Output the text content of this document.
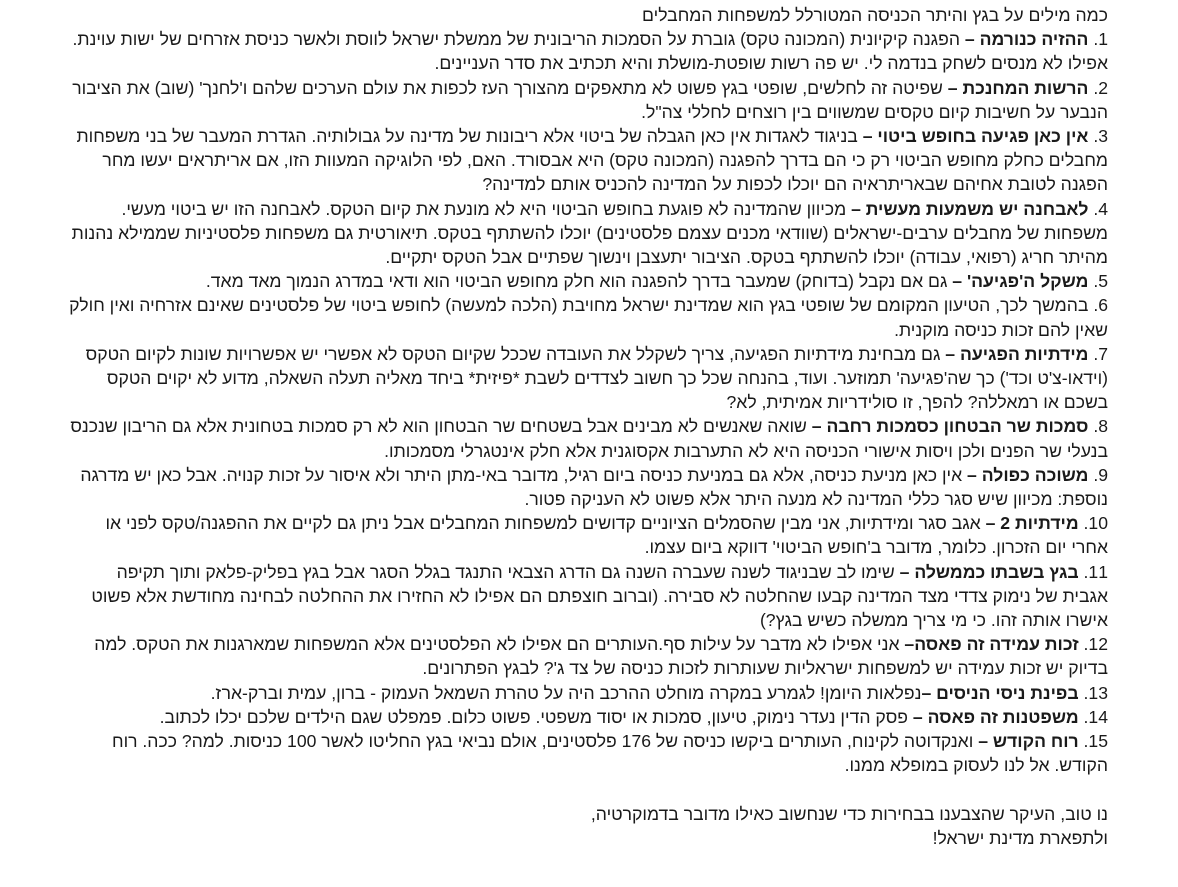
כמה מילים על בגץ והיתר הכניסה המטורלל למשפחות המחבלים

1. ההזיה כנורמה – הפגנה קיקיונית (המכונה טקס) גוברת על הסמכות הריבונית של ממשלת ישראל לווסת ולאשר כניסת אזרחים של ישות עוינת. אפילו לא מנסים לשחק בנדמה לי. יש פה רשות שופטת-מושלת והיא תכתיב את סדר העניינים.

2. הרשות המחנכת – שפיטה זה לחלשים, שופטי בגץ פשוט לא מתאפקים מהצורך העז לכפות את עולם הערכים שלהם ו'לחנך' (שוב) את הציבור הנבער על חשיבות קיום טקסים שמשווים בין רוצחים לחללי צה"ל.

3. אין כאן פגיעה בחופש ביטוי – בניגוד לאגדות אין כאן הגבלה של ביטוי אלא ריבונות של מדינה על גבולותיה. הגדרת המעבר של בני משפחות מחבלים כחלק מחופש הביטוי רק כי הם בדרך להפגנה (המכונה טקס) היא אבסורד. האם, לפי הלוגיקה המעוות הזו, אם אריתראים יעשו מחר הפגנה לטובת אחיהם שבאריתראיה הם יוכלו לכפות על המדינה להכניס אותם למדינה?

4. לאבחנה יש משמעות מעשית – מכיוון שהמדינה לא פוגעת בחופש הביטוי היא לא מונעת את קיום הטקס. לאבחנה הזו יש ביטוי מעשי. משפחות של מחבלים ערבים-ישראלים (שוודאי מכנים עצמם פלסטינים) יוכלו להשתתף בטקס. תיאורטית גם משפחות פלסטיניות שממילא נהנות מהיתר חריג (רפואי, עבודה) יוכלו להשתתף בטקס. הציבור יתעצבן וינשוך שפתיים אבל הטקס יתקיים.

5. משקל ה'פגיעה' – גם אם נקבל (בדוחק) שמעבר בדרך להפגנה הוא חלק מחופש הביטוי הוא ודאי במדרג הנמוך מאד מאד.

6. בהמשך לכך, הטיעון המקומם של שופטי בגץ הוא שמדינת ישראל מחויבת (הלכה למעשה) לחופש ביטוי של פלסטינים שאינם אזרחיה ואין חולק שאין להם זכות כניסה מוקנית.

7. מידתיות הפגיעה – גם מבחינת מידתיות הפגיעה, צריך לשקלל את העובדה שככל שקיום הטקס לא אפשרי יש אפשרויות שונות לקיום הטקס (וידאו-צ'ט וכד') כך שה'פגיעה' תמוזער. ועוד, בהנחה שכל כך חשוב לצדדים לשבת *פיזית* ביחד מאליה תעלה השאלה, מדוע לא יקוים הטקס בשכם או רמאללה? להפך, זו סולידריות אמיתית, לא?

8. סמכות שר הבטחון כסמכות רחבה – שואה שאנשים לא מבינים אבל בשטחים שר הבטחון הוא לא רק סמכות בטחונית אלא גם הריבון שנכנס בנעלי שר הפנים ולכן ויסות אישורי הכניסה היא לא התערבות אקסוגנית אלא חלק אינטגרלי מסמכותו.

9. משוכה כפולה – אין כאן מניעת כניסה, אלא גם במניעת כניסה ביום רגיל, מדובר באי-מתן היתר ולא איסור על זכות קנויה. אבל כאן יש מדרגה נוספת: מכיוון שיש סגר כללי המדינה לא מנעה היתר אלא פשוט לא העניקה פטור.

10. מידתיות 2 – אגב סגר ומידתיות, אני מבין שהסמלים הציוניים קדושים למשפחות המחבלים אבל ניתן גם לקיים את ההפגנה/טקס לפני או אחרי יום הזכרון. כלומר, מדובר ב'חופש הביטוי' דווקא ביום עצמו.

11. בגץ בשבתו כממשלה – שימו לב שבניגוד לשנה שעברה השנה גם הדרג הצבאי התנגד בגלל הסגר אבל בגץ בפליק-פלאק ותוך תקיפה אגבית של נימוק צדדי מצד המדינה קבעו שהחלטה לא סבירה. (וברוב חוצפתם הם אפילו לא החזירו את ההחלטה לבחינה מחודשת אלא פשוט אישרו אותה זהו. כי מי צריך ממשלה כשיש בגץ?)

12. זכות עמידה זה פאסה– אני אפילו לא מדבר על עילות סף.העותרים הם אפילו לא הפלסטינים אלא המשפחות שמארגנות את הטקס. למה בדיוק יש זכות עמידה יש למשפחות ישראליות שעותרות לזכות כניסה של צד ג'? לבגץ הפתרונים.

13. בפינת ניסי הניסים –נפלאות היומן! לגמרע במקרה מוחלט ההרכב היה על טהרת השמאל העמוק - ברון, עמית וברק-ארז.

14. משפטנות זה פאסה – פסק הדין נעדר נימוק, טיעון, סמכות או יסוד משפטי. פשוט כלום. פמפלט שגם הילדים שלכם יכלו לכתוב.

15. רוח הקודש – ואנקדוטה לקינוח, העותרים ביקשו כניסה של 176 פלסטינים, אולם נביאי בגץ החליטו לאשר 100 כניסות. למה? ככה. רוח הקודש. אל לנו לעסוק במופלא ממנו.

נו טוב, העיקר שהצבענו בבחירות כדי שנחשוב כאילו מדובר בדמוקרטיה,

ולתפארת מדינת ישראל!
